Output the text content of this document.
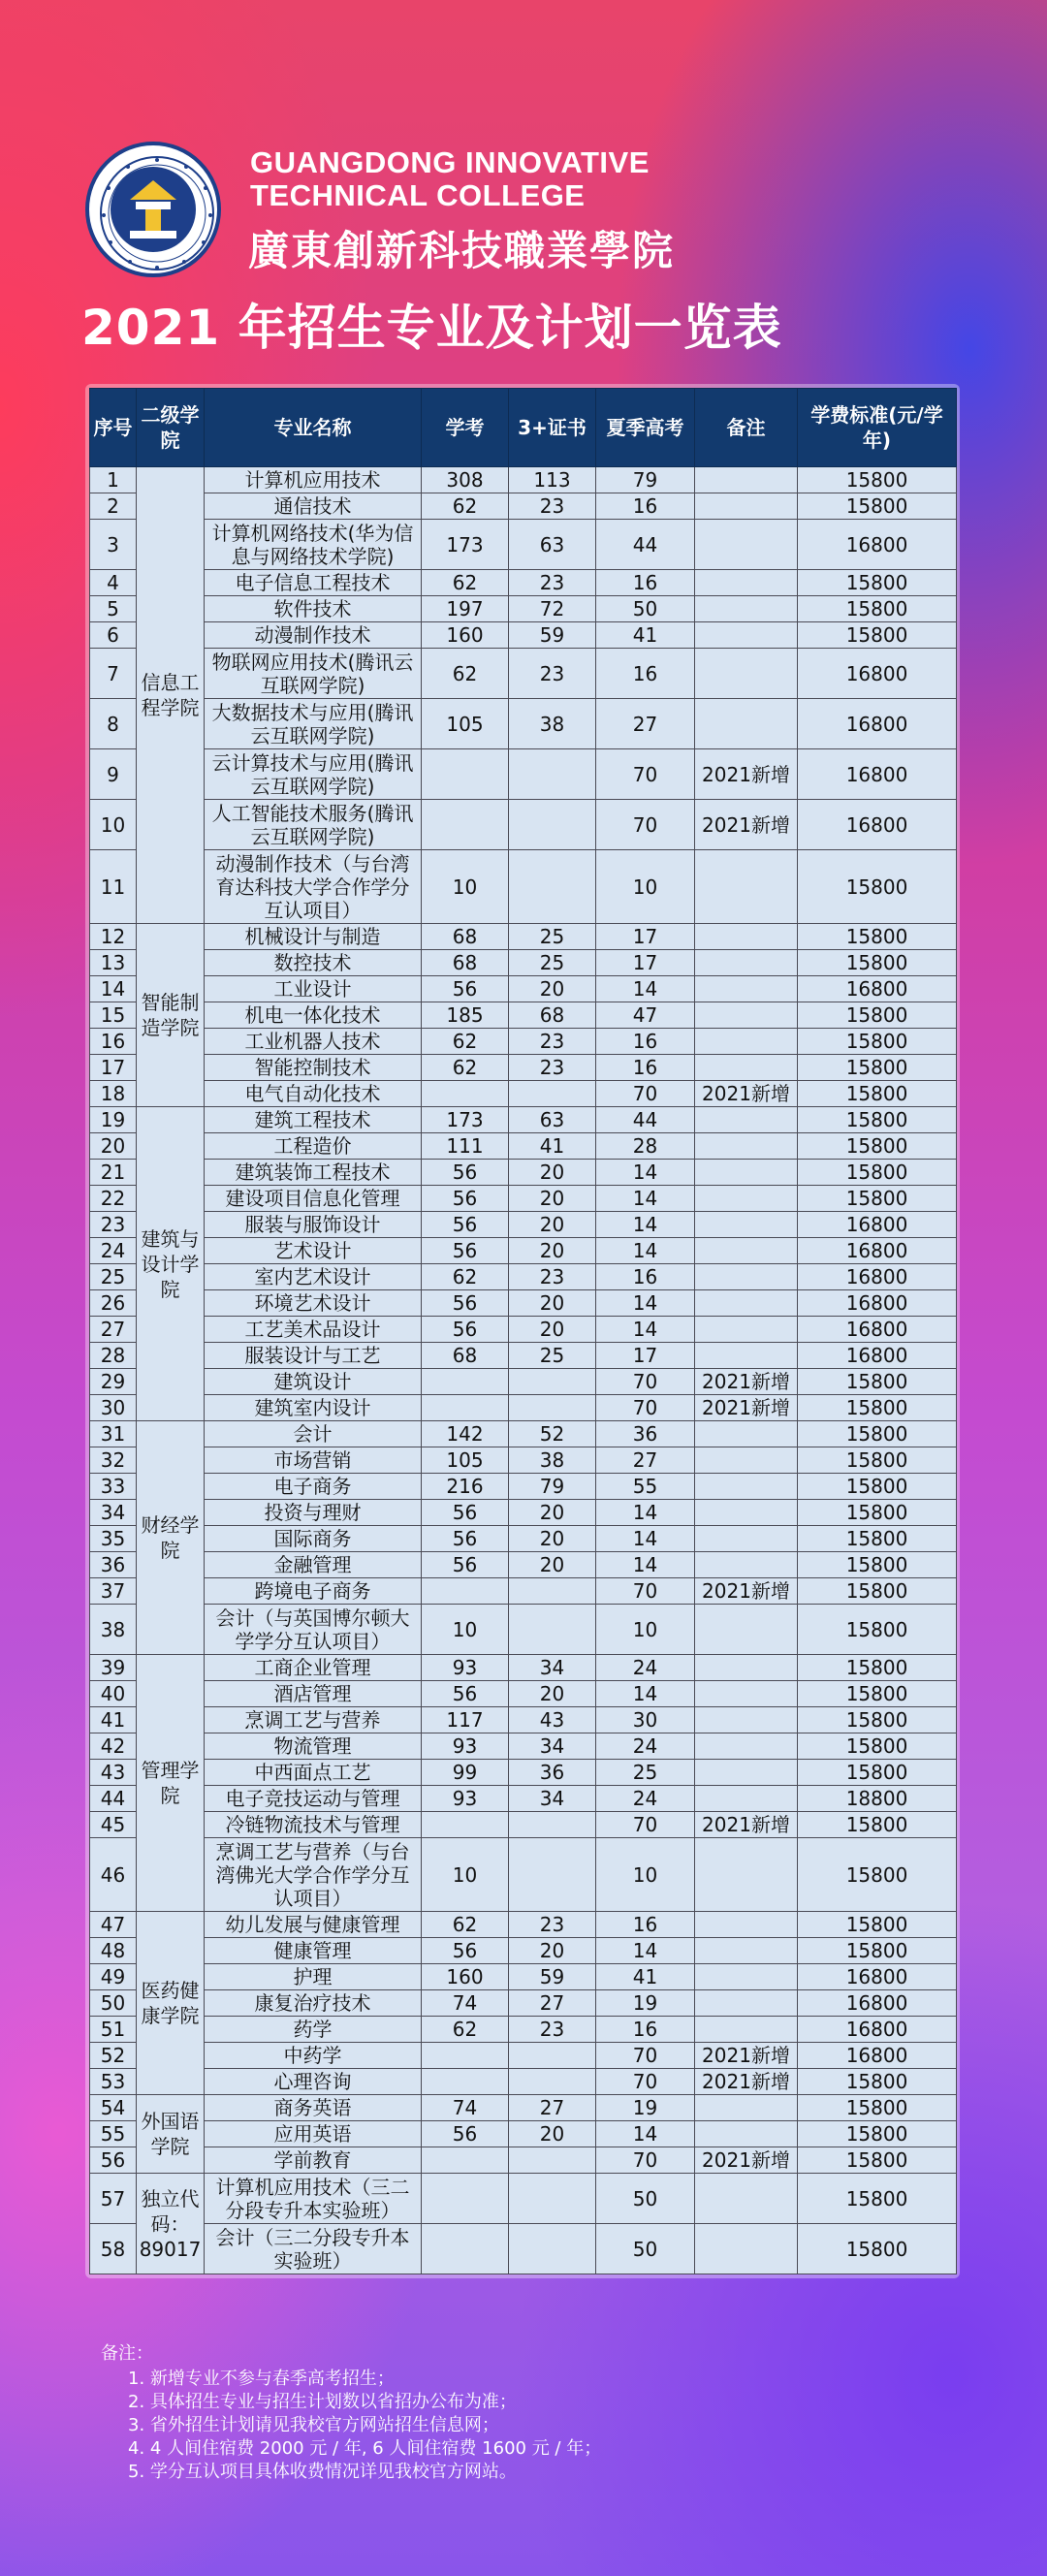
GUANGDONG INNOVATIVE
TECHNICAL COLLEGE
廣東創新科技職業學院
2021 年招生专业及计划一览表
序号	二级学院	专业名称	学考	3+证书	夏季高考	备注	学费标准(元/学年)
1	信息工程学院	计算机应用技术	308	113	79		15800
2		通信技术	62	23	16		15800
3		计算机网络技术(华为信息与网络技术学院)	173	63	44		16800
4		电子信息工程技术	62	23	16		15800
5		软件技术	197	72	50		15800
6		动漫制作技术	160	59	41		15800
7		物联网应用技术(腾讯云互联网学院)	62	23	16		16800
8		大数据技术与应用(腾讯云互联网学院)	105	38	27		16800
9		云计算技术与应用(腾讯云互联网学院)			70	2021新增	16800
10		人工智能技术服务(腾讯云互联网学院)			70	2021新增	16800
11		动漫制作技术（与台湾育达科技大学合作学分互认项目）	10		10		15800
12	智能制造学院	机械设计与制造	68	25	17		15800
13		数控技术	68	25	17		15800
14		工业设计	56	20	14		16800
15		机电一体化技术	185	68	47		15800
16		工业机器人技术	62	23	16		15800
17		智能控制技术	62	23	16		15800
18		电气自动化技术			70	2021新增	15800
19	建筑与设计学院	建筑工程技术	173	63	44		15800
20		工程造价	111	41	28		15800
21		建筑装饰工程技术	56	20	14		15800
22		建设项目信息化管理	56	20	14		15800
23		服装与服饰设计	56	20	14		16800
24		艺术设计	56	20	14		16800
25		室内艺术设计	62	23	16		16800
26		环境艺术设计	56	20	14		16800
27		工艺美术品设计	56	20	14		16800
28		服装设计与工艺	68	25	17		16800
29		建筑设计			70	2021新增	15800
30		建筑室内设计			70	2021新增	15800
31	财经学院	会计	142	52	36		15800
32		市场营销	105	38	27		15800
33		电子商务	216	79	55		15800
34		投资与理财	56	20	14		15800
35		国际商务	56	20	14		15800
36		金融管理	56	20	14		15800
37		跨境电子商务			70	2021新增	15800
38		会计（与英国博尔顿大学学分互认项目）	10		10		15800
39	管理学院	工商企业管理	93	34	24		15800
40		酒店管理	56	20	14		15800
41		烹调工艺与营养	117	43	30		15800
42		物流管理	93	34	24		15800
43		中西面点工艺	99	36	25		15800
44		电子竞技运动与管理	93	34	24		18800
45		冷链物流技术与管理			70	2021新增	15800
46		烹调工艺与营养（与台湾佛光大学合作学分互认项目）	10		10		15800
47	医药健康学院	幼儿发展与健康管理	62	23	16		15800
48		健康管理	56	20	14		15800
49		护理	160	59	41		16800
50		康复治疗技术	74	27	19		16800
51		药学	62	23	16		16800
52		中药学			70	2021新增	16800
53		心理咨询			70	2021新增	15800
54	外国语学院	商务英语	74	27	19		15800
55		应用英语	56	20	14		15800
56		学前教育			70	2021新增	15800
57	独立代码：89017	计算机应用技术（三二分段专升本实验班）			50		15800
58		会计（三二分段专升本实验班）			50		15800
备注：
1. 新增专业不参与春季高考招生；
2. 具体招生专业与招生计划数以省招办公布为准；
3. 省外招生计划请见我校官方网站招生信息网；
4. 4 人间住宿费 2000 元 / 年, 6 人间住宿费 1600 元 / 年；
5. 学分互认项目具体收费情况详见我校官方网站。
